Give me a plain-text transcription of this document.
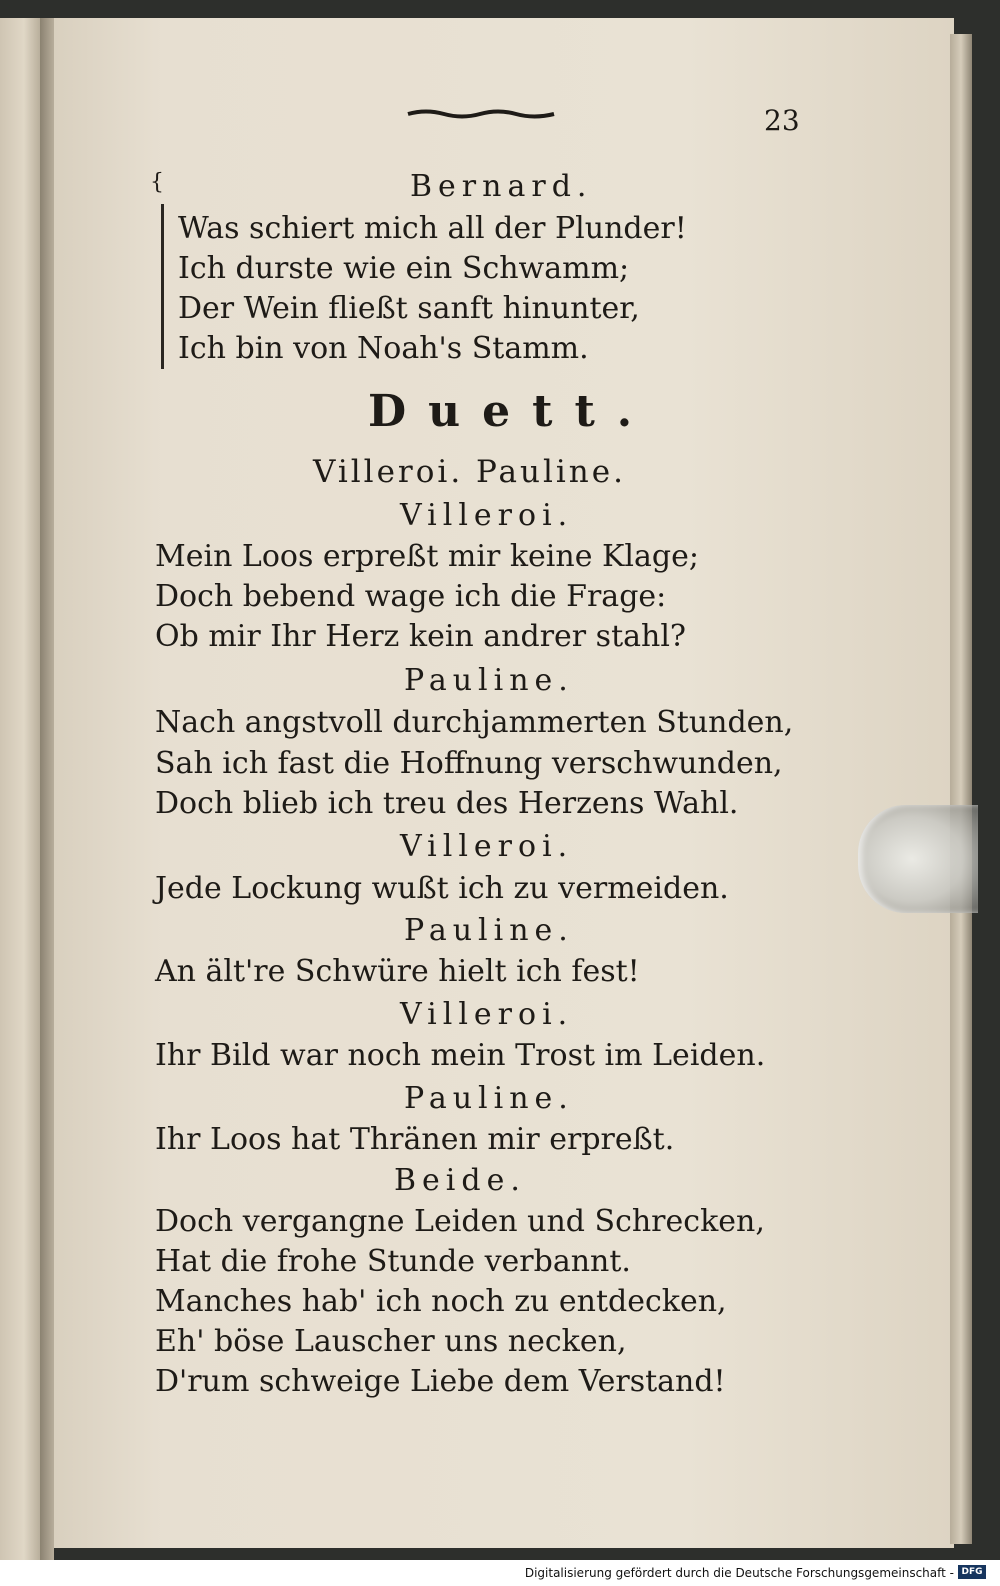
23
{	Bernard.

Was schiert mich all der Plunder!

Ich durste wie ein Schwamm;

Der Wein fließt sanft hinunter,

Ich bin von Noah's Stamm.

Duett.

Villeroi. Pauline.

Villeroi.

Mein Loos erpreßt mir keine Klage;

Doch bebend wage ich die Frage:

Ob mir Ihr Herz kein andrer stahl?

Pauline.

Nach angstvoll durchjammerten Stunden,

Sah ich fast die Hoffnung verschwunden,

Doch blieb ich treu des Herzens Wahl.

Villeroi.

Jede Lockung wußt ich zu vermeiden.

Pauline.

An ält're Schwüre hielt ich fest!

Villeroi.

Ihr Bild war noch mein Trost im Leiden.

Pauline.

Ihr Loos hat Thränen mir erpreßt.

Beide.

Doch vergangne Leiden und Schrecken,

Hat die frohe Stunde verbannt.

Manches hab' ich noch zu entdecken,

Eh' böse Lauscher uns necken,

D'rum schweige Liebe dem Verstand!

Digitalisierung gefördert durch die Deutsche Forschungsgemeinschaft - DFG
